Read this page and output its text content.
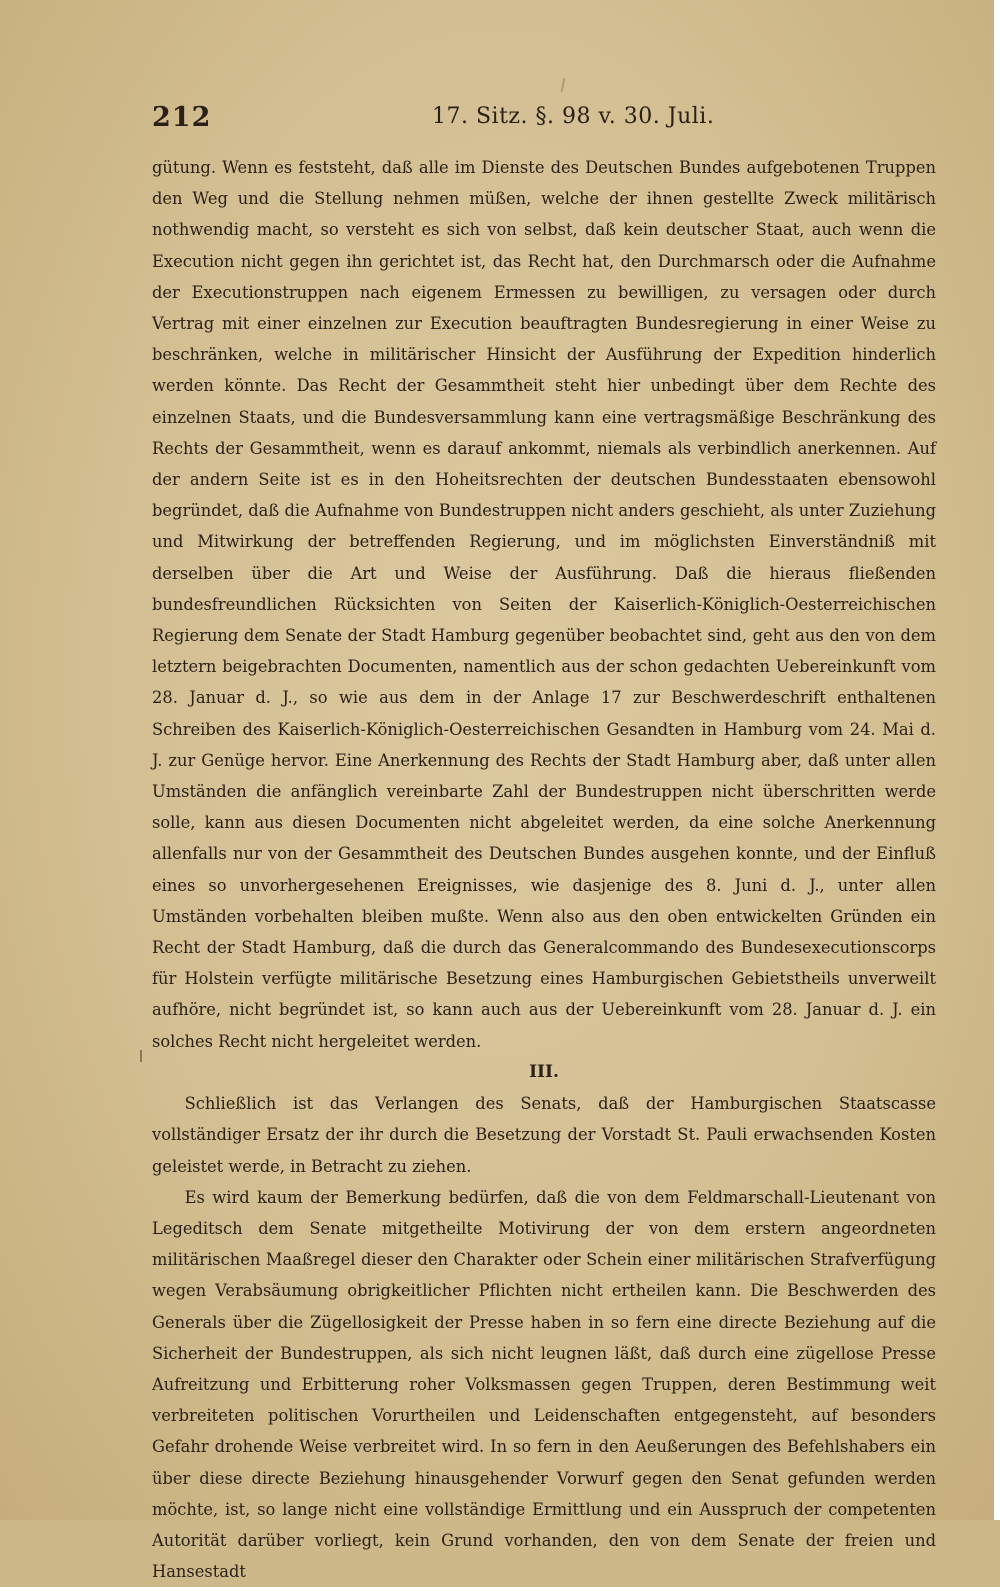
212	17. Sitz. §. 98 v. 30. Juli.

gütung. Wenn es feststeht, daß alle im Dienste des Deutschen Bundes aufgebotenen Truppen den Weg und die Stellung nehmen müßen, welche der ihnen gestellte Zweck militärisch nothwendig macht, so versteht es sich von selbst, daß kein deutscher Staat, auch wenn die Execution nicht gegen ihn gerichtet ist, das Recht hat, den Durchmarsch oder die Aufnahme der Executionstruppen nach eigenem Ermessen zu bewilligen, zu versagen oder durch Vertrag mit einer einzelnen zur Execution beauftragten Bundesregierung in einer Weise zu beschränken, welche in militärischer Hinsicht der Ausführung der Expedition hinderlich werden könnte. Das Recht der Gesammtheit steht hier unbedingt über dem Rechte des einzelnen Staats, und die Bundesversammlung kann eine vertragsmäßige Beschränkung des Rechts der Gesammtheit, wenn es darauf ankommt, niemals als verbindlich anerkennen. Auf der andern Seite ist es in den Hoheitsrechten der deutschen Bundesstaaten ebensowohl begründet, daß die Aufnahme von Bundestruppen nicht anders geschieht, als unter Zuziehung und Mitwirkung der betreffenden Regierung, und im möglichsten Einverständniß mit derselben über die Art und Weise der Ausführung. Daß die hieraus fließenden bundesfreundlichen Rücksichten von Seiten der Kaiserlich-Königlich-Oesterreichischen Regierung dem Senate der Stadt Hamburg gegenüber beobachtet sind, geht aus den von dem letztern beigebrachten Documenten, namentlich aus der schon gedachten Uebereinkunft vom 28. Januar d. J., so wie aus dem in der Anlage 17 zur Beschwerdeschrift enthaltenen Schreiben des Kaiserlich-Königlich-Oesterreichischen Gesandten in Hamburg vom 24. Mai d. J. zur Genüge hervor. Eine Anerkennung des Rechts der Stadt Hamburg aber, daß unter allen Umständen die anfänglich vereinbarte Zahl der Bundestruppen nicht überschritten werde solle, kann aus diesen Documenten nicht abgeleitet werden, da eine solche Anerkennung allenfalls nur von der Gesammtheit des Deutschen Bundes ausgehen konnte, und der Einfluß eines so unvorhergesehenen Ereignisses, wie dasjenige des 8. Juni d. J., unter allen Umständen vorbehalten bleiben mußte. Wenn also aus den oben entwickelten Gründen ein Recht der Stadt Hamburg, daß die durch das Generalcommando des Bundesexecutionscorps für Holstein verfügte militärische Besetzung eines Hamburgischen Gebietstheils unverweilt aufhöre, nicht begründet ist, so kann auch aus der Uebereinkunft vom 28. Januar d. J. ein solches Recht nicht hergeleitet werden.

III.

Schließlich ist das Verlangen des Senats, daß der Hamburgischen Staatscasse vollständiger Ersatz der ihr durch die Besetzung der Vorstadt St. Pauli erwachsenden Kosten geleistet werde, in Betracht zu ziehen.

Es wird kaum der Bemerkung bedürfen, daß die von dem Feldmarschall-Lieutenant von Legeditsch dem Senate mitgetheilte Motivirung der von dem erstern angeordneten militärischen Maaßregel dieser den Charakter oder Schein einer militärischen Strafverfügung wegen Verabsäumung obrigkeitlicher Pflichten nicht ertheilen kann. Die Beschwerden des Generals über die Zügellosigkeit der Presse haben in so fern eine directe Beziehung auf die Sicherheit der Bundestruppen, als sich nicht leugnen läßt, daß durch eine zügellose Presse Aufreitzung und Erbitterung roher Volksmassen gegen Truppen, deren Bestimmung weit verbreiteten politischen Vorurtheilen und Leidenschaften entgegensteht, auf besonders Gefahr drohende Weise verbreitet wird. In so fern in den Aeußerungen des Befehlshabers ein über diese directe Beziehung hinausgehender Vorwurf gegen den Senat gefunden werden möchte, ist, so lange nicht eine vollständige Ermittlung und ein Ausspruch der competenten Autorität darüber vorliegt, kein Grund vorhanden, den von dem Senate der freien und Hansestadt
